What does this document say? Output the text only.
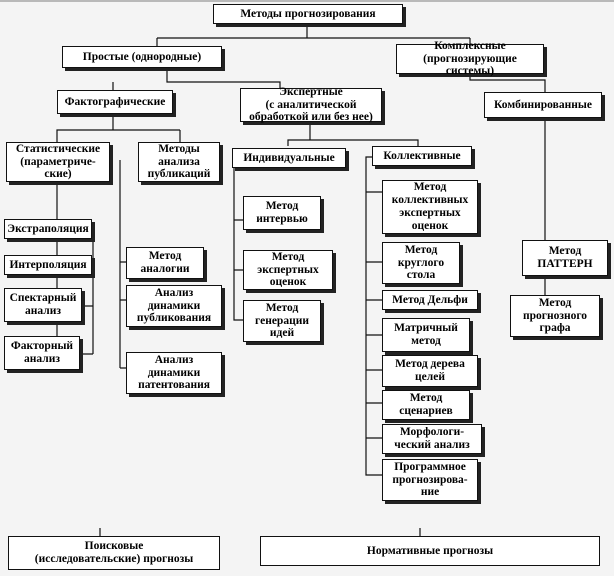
Методы прогнозирования
Простые (однородные)
Комплексные
(прогнозирующие системы)
Фактографические
Экспертные
(с аналитической
обработкой или без нее)
Комбинированные
Статистические
(параметриче-
ские)
Методы
анализа
публикаций
Индивидуальные	Коллективные
Экстраполяция
Интерполяция
Спектарный
анализ
Факторный
анализ
Метод
аналогии
Анализ
динамики
публикования
Анализ
динамики
патентования
Метод
интервью
Метод
экспертных
оценок
Метод
генерации
идей
Метод
коллективных
экспертных
оценок
Метод
круглого
стола
Метод Дельфи
Матричный
метод
Метод дерева
целей
Метод
сценариев
Морфологи-
ческий анализ
Программное
прогнозирова-
ние
Метод
ПАТТЕРН
Метод
прогнозного
графа
Поисковые
(исследовательские) прогнозы
Нормативные прогнозы
